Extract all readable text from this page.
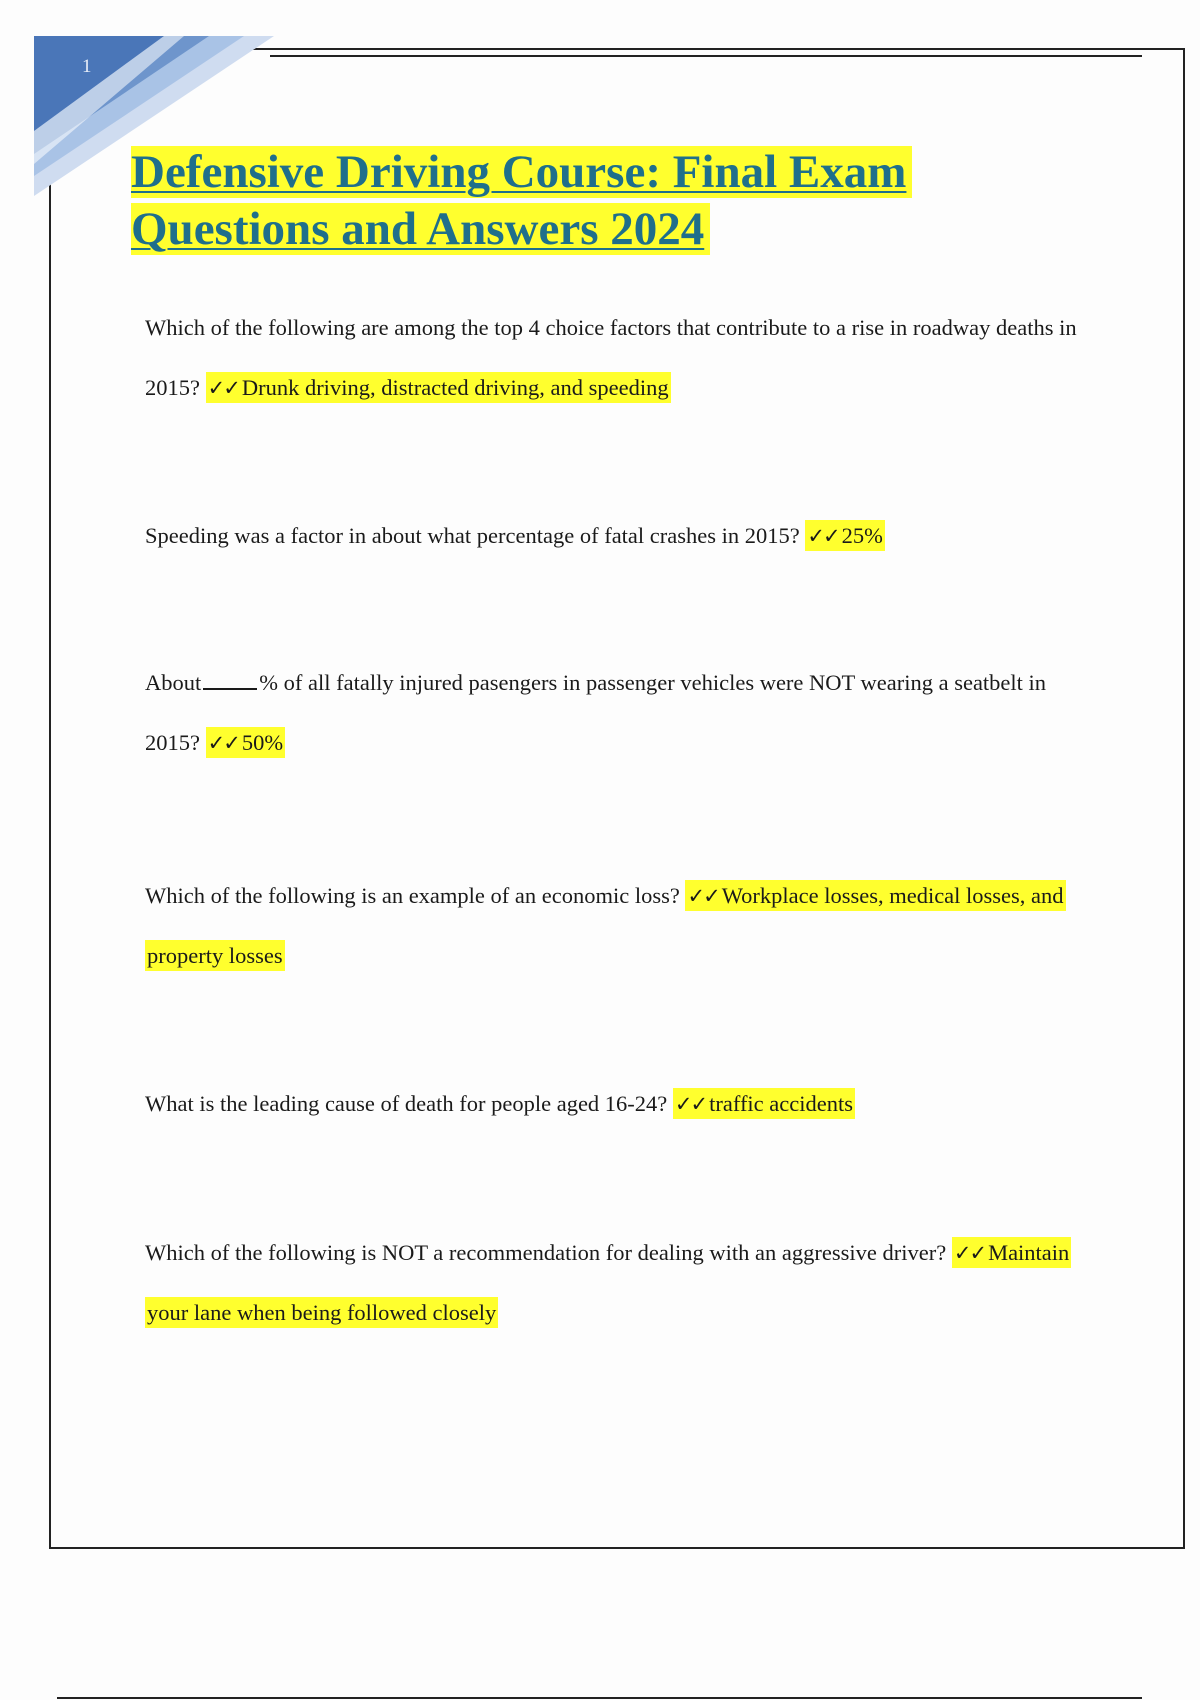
1
Defensive Driving Course: Final Exam Questions and Answers 2024

Which of the following are among the top 4 choice factors that contribute to a rise in roadway deaths in 2015? ✓✓ Drunk driving, distracted driving, and speeding

Speeding was a factor in about what percentage of fatal crashes in 2015? ✓✓ 25%

About	% of all fatally injured pasengers in passenger vehicles were NOT wearing a seatbelt in 2015? ✓✓ 50%

Which of the following is an example of an economic loss? ✓✓ Workplace losses, medical losses, and property losses

What is the leading cause of death for people aged 16-24? ✓✓ traffic accidents

Which of the following is NOT a recommendation for dealing with an aggressive driver? ✓✓ Maintain your lane when being followed closely
